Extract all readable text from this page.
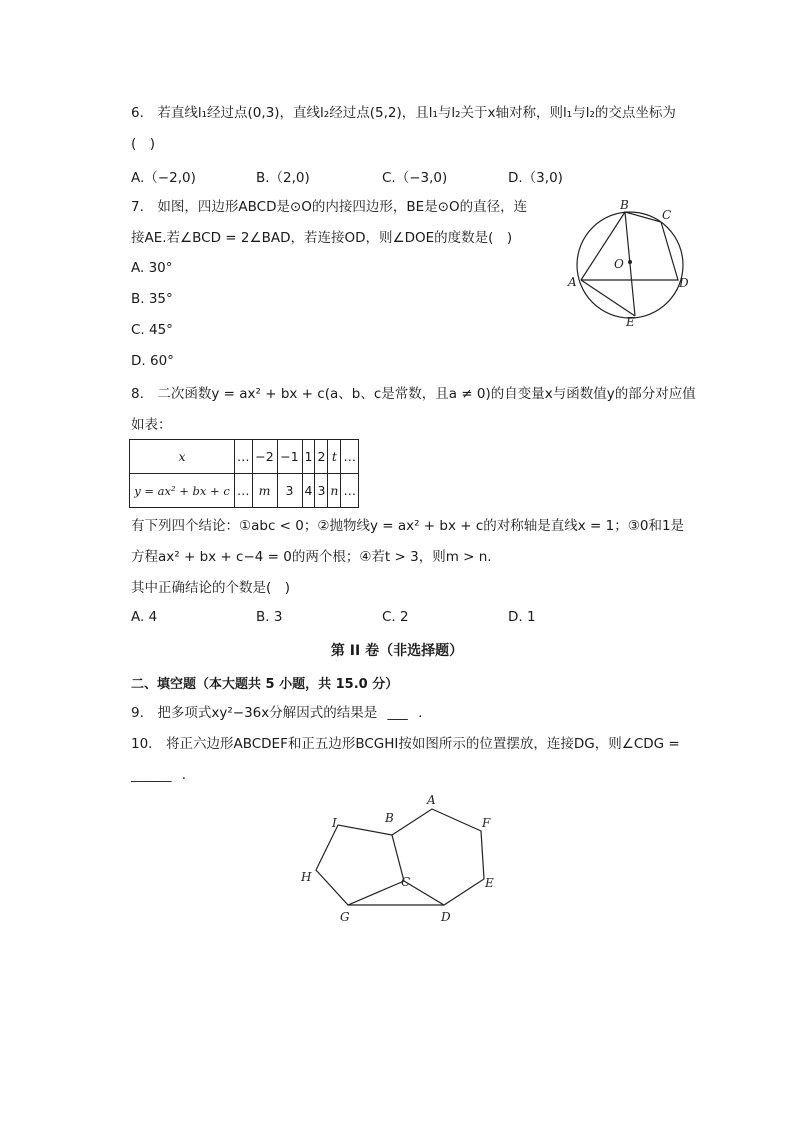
6.　若直线l₁经过点(0,3)，直线l₂经过点(5,2)，且l₁与l₂关于x轴对称，则l₁与l₂的交点坐标为
(　)
A.（−2,0)	B.（2,0)	C.（−3,0)	D.（3,0)
7.　如图，四边形ABCD是⊙O的内接四边形，BE是⊙O的直径，连
接AE.若∠BCD = 2∠BAD，若连接OD，则∠DOE的度数是(　)
A. 30°
B. 35°
C. 45°
D. 60°
B
C
A	D
E
O
8.　二次函数y = ax² + bx + c(a、b、c是常数，且a ≠ 0)的自变量x与函数值y的部分对应值
如表：
x	…	−2	−1	1	2	t	…
y = ax² + bx + c	…	m	3	4	3	n	…
有下列四个结论：①abc < 0；②抛物线y = ax² + bx + c的对称轴是直线x = 1；③0和1是
方程ax² + bx + c−4 = 0的两个根；④若t > 3，则m > n.
其中正确结论的个数是(　)
A. 4	B. 3	C. 2	D. 1
第 II 卷（非选择题）
二、填空题（本大题共 5 小题，共 15.0 分）
9.　把多项式xy²−36x分解因式的结果是 ___ .
10.　将正六边形ABCDEF和正五边形BCGHI按如图所示的位置摆放，连接DG，则∠CDG =
______ .
B
A
F
E
D
C
G
H
I
